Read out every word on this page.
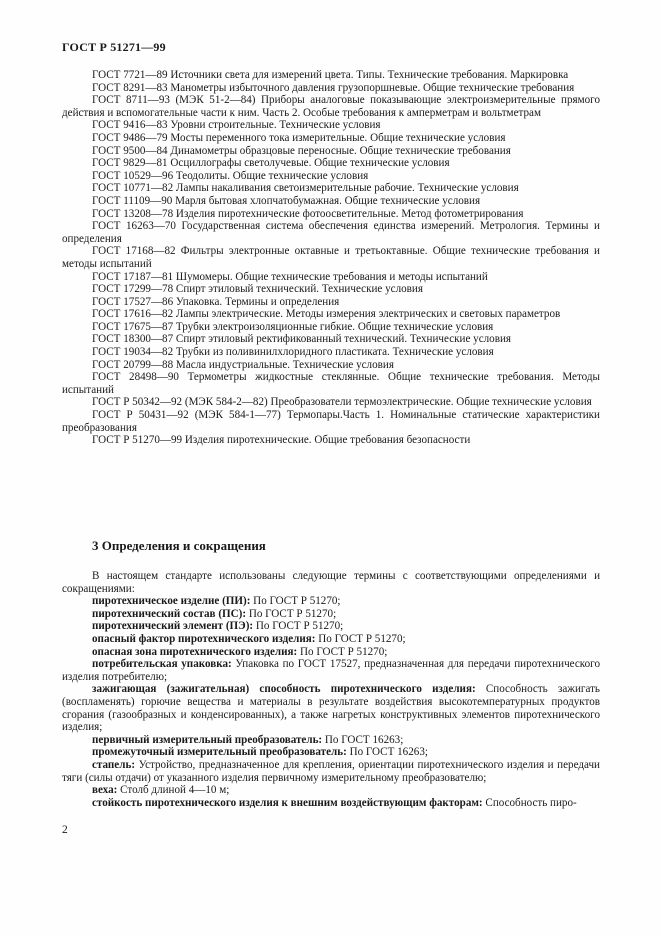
ГОСТ Р 51271—99

ГОСТ 7721—89 Источники света для измерений цвета. Типы. Технические требования. Маркировка

ГОСТ 8291—83 Манометры избыточного давления грузопоршневые. Общие технические требования

ГОСТ 8711—93 (МЭК 51-2—84) Приборы аналоговые показывающие электроизмерительные прямого действия и вспомогательные части к ним. Часть 2. Особые требования к амперметрам и вольтметрам

ГОСТ 9416—83 Уровни строительные. Технические условия

ГОСТ 9486—79 Мосты переменного тока измерительные. Общие технические условия

ГОСТ 9500—84 Динамометры образцовые переносные. Общие технические требования

ГОСТ 9829—81 Осциллографы светолучевые. Общие технические условия

ГОСТ 10529—96 Теодолиты. Общие технические условия

ГОСТ 10771—82 Лампы накаливания светоизмерительные рабочие. Технические условия

ГОСТ 11109—90 Марля бытовая хлопчатобумажная. Общие технические условия

ГОСТ 13208—78 Изделия пиротехнические фотоосветительные. Метод фотометрирования

ГОСТ 16263—70 Государственная система обеспечения единства измерений. Метрология. Термины и определения

ГОСТ 17168—82 Фильтры электронные октавные и третьоктавные. Общие технические требования и методы испытаний

ГОСТ 17187—81 Шумомеры. Общие технические требования и методы испытаний

ГОСТ 17299—78 Спирт этиловый технический. Технические условия

ГОСТ 17527—86 Упаковка. Термины и определения

ГОСТ 17616—82 Лампы электрические. Методы измерения электрических и световых параметров

ГОСТ 17675—87 Трубки электроизоляционные гибкие. Общие технические условия

ГОСТ 18300—87 Спирт этиловый ректификованный технический. Технические условия

ГОСТ 19034—82 Трубки из поливинилхлоридного пластиката. Технические условия

ГОСТ 20799—88 Масла индустриальные. Технические условия

ГОСТ 28498—90 Термометры жидкостные стеклянные. Общие технические требования. Методы испытаний

ГОСТ Р 50342—92 (МЭК 584-2—82) Преобразователи термоэлектрические. Общие технические условия

ГОСТ Р 50431—92 (МЭК 584-1—77) Термопары.Часть 1. Номинальные статические характеристики преобразования

ГОСТ Р 51270—99 Изделия пиротехнические. Общие требования безопасности

3 Определения и сокращения

В настоящем стандарте использованы следующие термины с соответствующими определениями и сокращениями:

пиротехническое изделие (ПИ): По ГОСТ Р 51270;

пиротехнический состав (ПС): По ГОСТ Р 51270;

пиротехнический элемент (ПЭ): По ГОСТ Р 51270;

опасный фактор пиротехнического изделия: По ГОСТ Р 51270;

опасная зона пиротехнического изделия: По ГОСТ Р 51270;

потребительская упаковка: Упаковка по ГОСТ 17527, предназначенная для передачи пиротехнического изделия потребителю;

зажигающая (зажигательная) способность пиротехнического изделия: Способность зажигать (воспламенять) горючие вещества и материалы в результате воздействия высокотемпературных продуктов сгорания (газообразных и конденсированных), а также нагретых конструктивных элементов пиротехнического изделия;

первичный измерительный преобразователь: По ГОСТ 16263;

промежуточный измерительный преобразователь: По ГОСТ 16263;

стапель: Устройство, предназначенное для крепления, ориентации пиротехнического изделия и передачи тяги (силы отдачи) от указанного изделия первичному измерительному преобразователю;

веха: Столб длиной 4—10 м;

стойкость пиротехнического изделия к внешним воздействующим факторам: Способность пиро-

2
